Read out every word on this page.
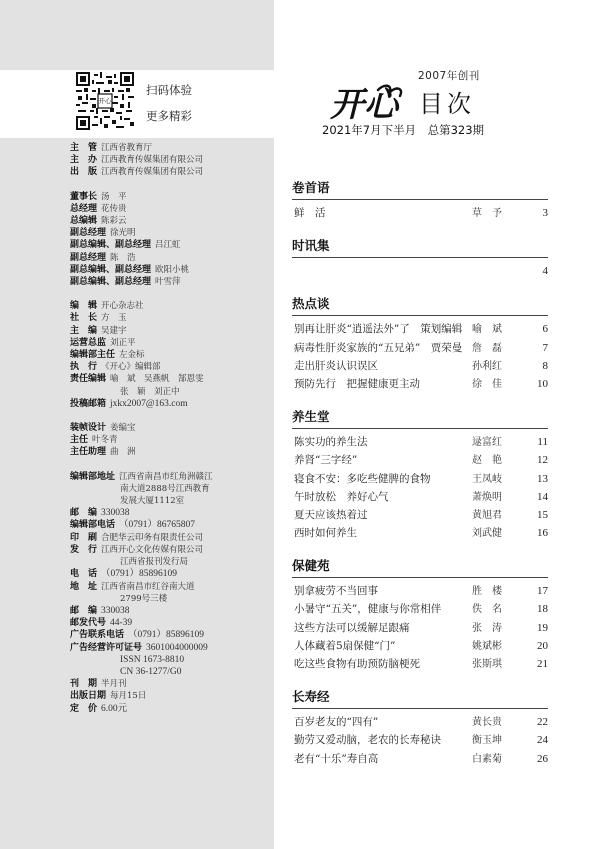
开心
扫码体验
更多精彩
主　管 江西省教育厅
主　办 江西教育传媒集团有限公司
出　版 江西教育传媒集团有限公司
董事长 汤　平
总经理 花传贵
总编辑 陈彩云
副总经理 徐光明
副总编辑、副总经理 吕江虹
副总经理 陈　浩
副总编辑、副总经理 欧阳小桃
副总编辑、副总经理 叶雪萍
编　辑 开心杂志社
社　长 方　玉
主　编 吴建宇
运营总监 刘正平
编辑部主任 左金标
执　行 《开心》编辑部
责任编辑 喻　斌　吴燕帆　郜恩雯
张　颖　刘正中
投稿邮箱 jxkx2007@163.com
装帧设计 姜编宝
主任 叶冬青
主任助理 曲　洲
编辑部地址 江西省南昌市红角洲赣江
南大道2888号江西教育
发展大厦1112室
邮　编 330038
编辑部电话 （0791）86765807
印　刷 合肥华云印务有限责任公司
发　行 江西开心文化传媒有限公司
江西省报刊发行局
电　话 （0791）85896109
地　址 江西省南昌市红谷南大道
2799号三楼
邮　编 330038
邮发代号 44-39
广告联系电话 （0791）85896109
广告经营许可证号 3601004000009
ISSN 1673-8810
CN 36-1277/G0
刊　期 半月刊
出版日期 每月15日
定　价 6.00元
2007年创刊
开心 目次
2021年7月下半月　总第323期
卷首语
鲜　活	草　予	3
时讯集
4
热点谈
别再让肝炎“逍遥法外”了　策划编辑 喻　斌	6
病毒性肝炎家族的“五兄弟”　贾荣曼 詹　磊	7
走出肝炎认识误区	孙利红	8
预防先行　把握健康更主动	徐　佳	10
养生堂
陈实功的养生法	逯富红	11
养肾“三字经”	赵　艳	12
寝食不安：多吃些健脾的食物	王凤岐	13
午时放松　养好心气	萧焕明	14
夏天应该热着过	黄旭君	15
西时如何养生	刘武健	16
保健苑
别拿疲劳不当回事	胜　楼	17
小暑守“五关”，健康与你常相伴	佚　名	18
这些方法可以缓解足跟痛	张　涛	19
人体藏着5扇保健“门”	姚斌彬	20
吃这些食物有助预防脑梗死	张斯琪	21
长寿经
百岁老友的“四有”	黄长贵	22
勤劳又爱动脑，老农的长寿秘诀	衡玉坤	24
老有“十乐”寿自高	白素菊	26
